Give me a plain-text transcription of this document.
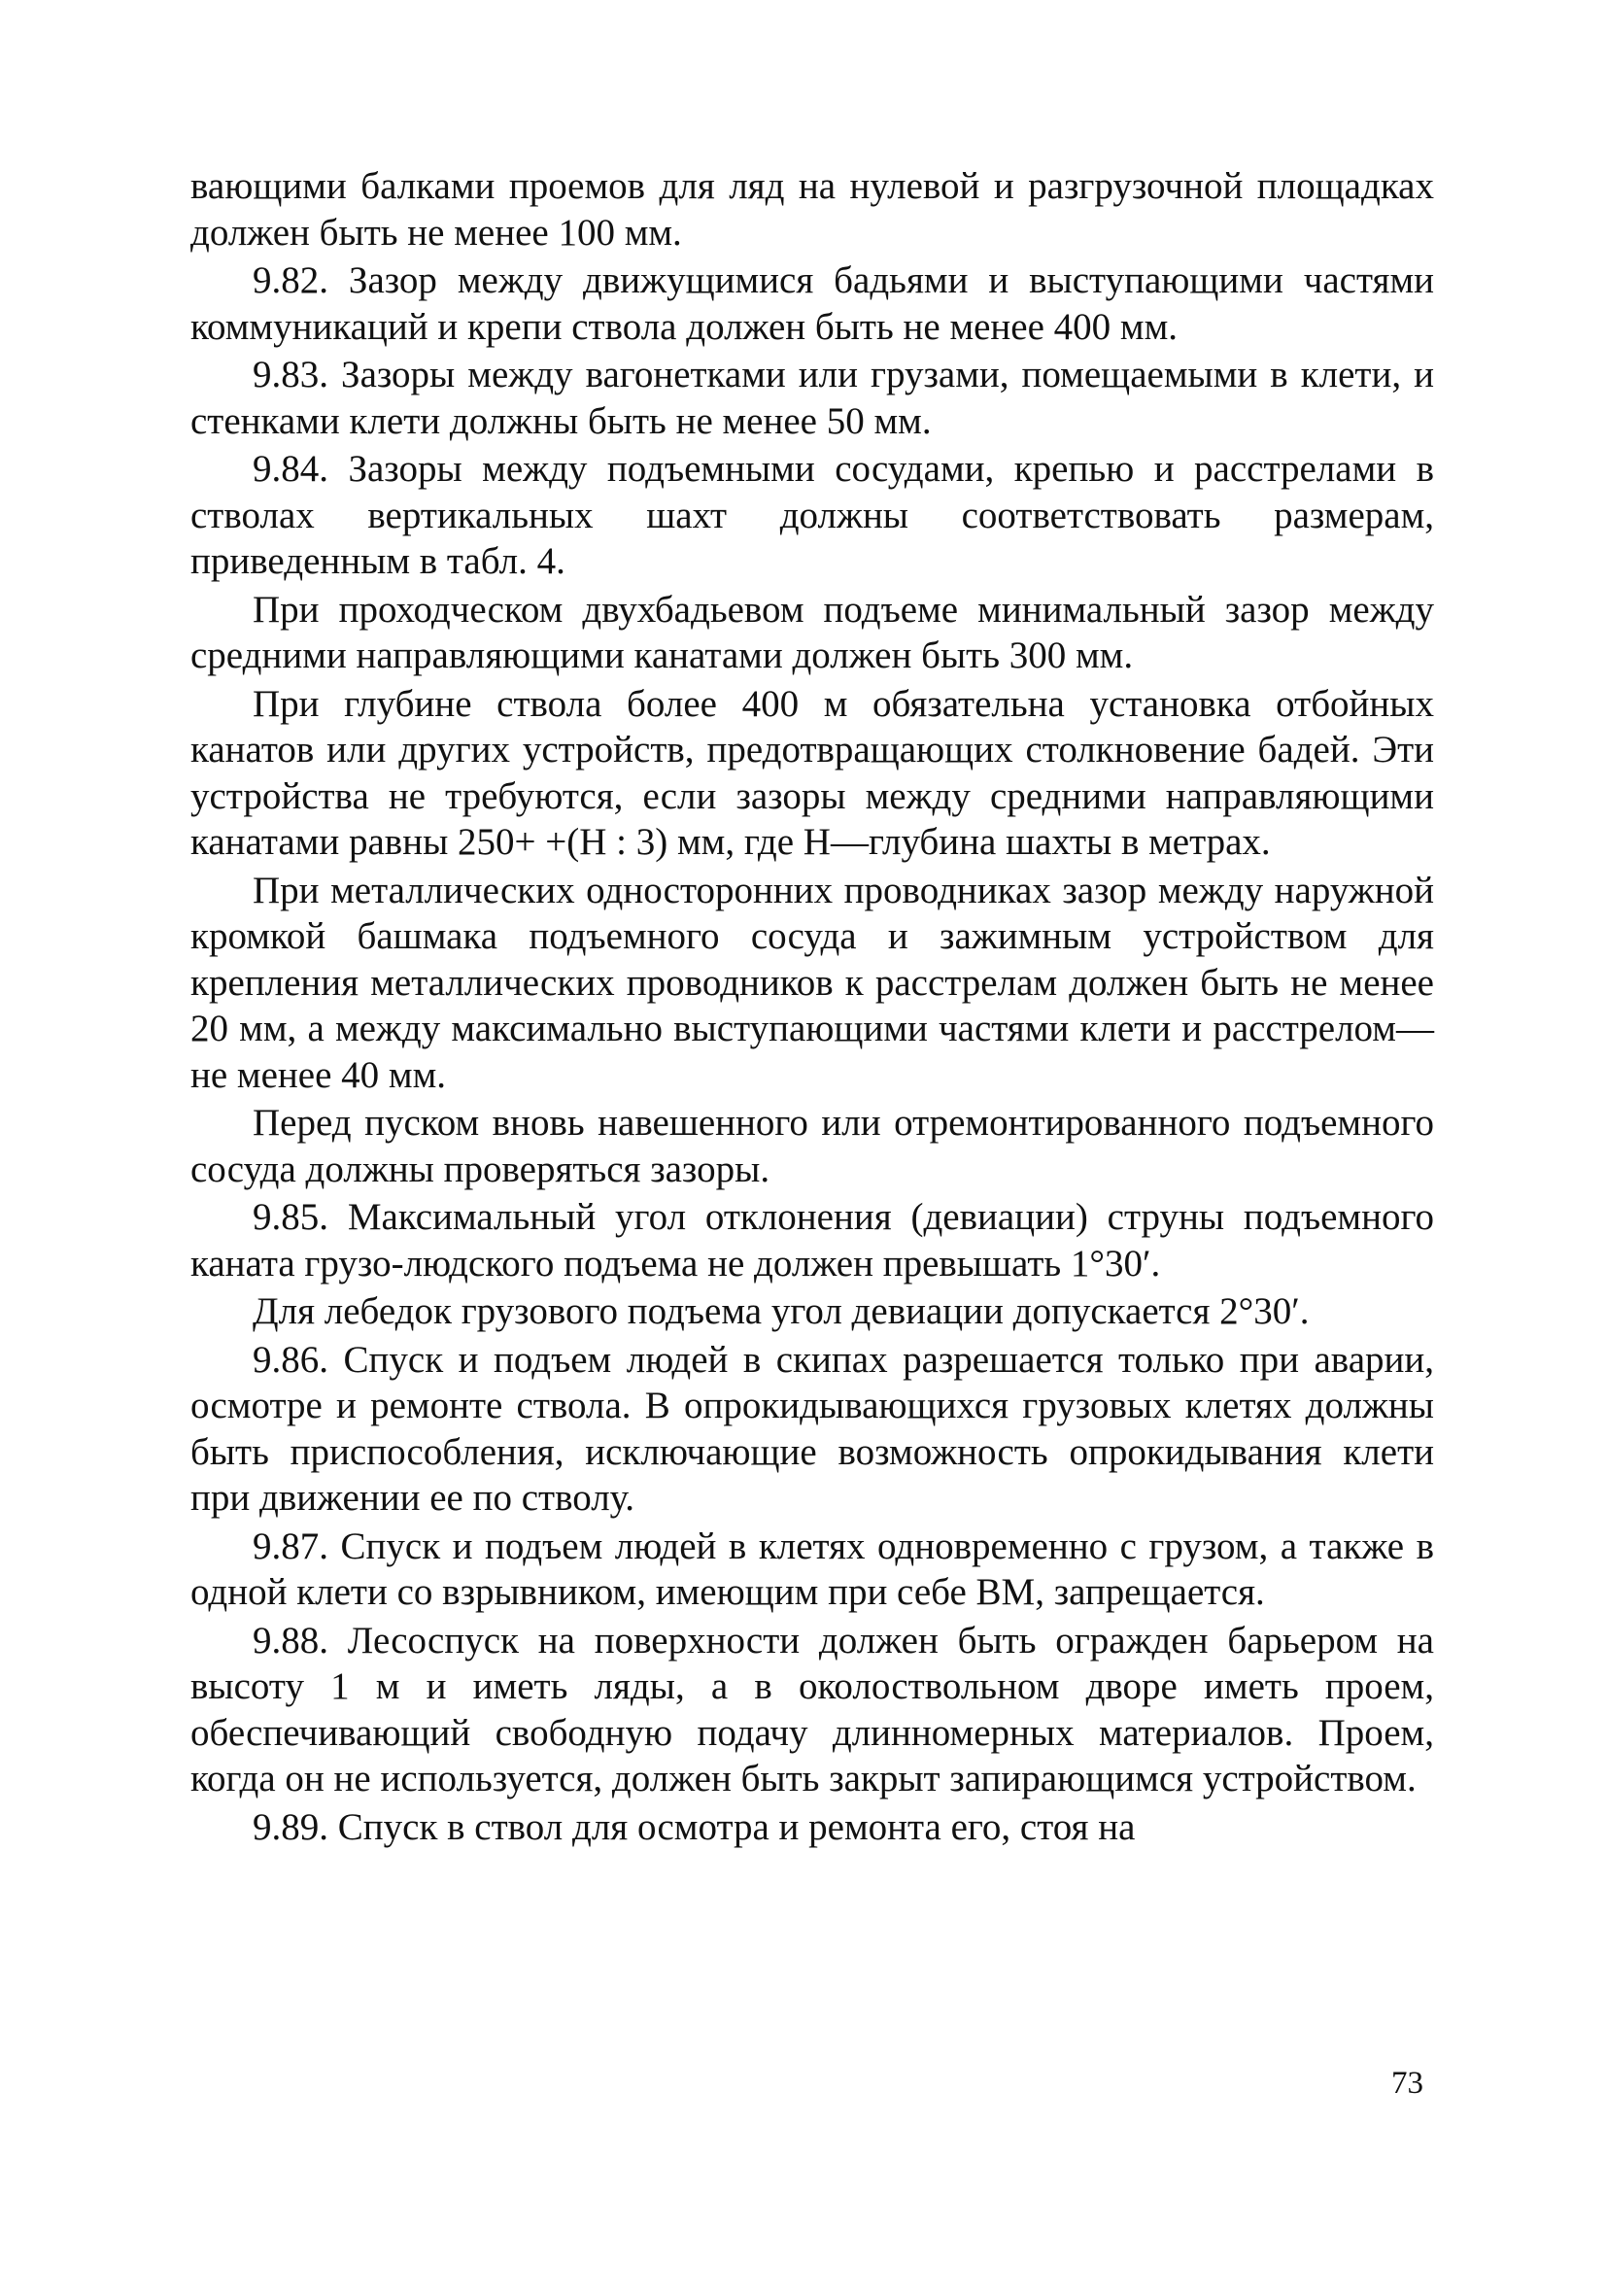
вающими балками проемов для ляд на нулевой и разгрузочной площадках должен быть не менее 100 мм.

9.82. Зазор между движущимися бадьями и выступающими частями коммуникаций и крепи ствола должен быть не менее 400 мм.

9.83. Зазоры между вагонетками или грузами, помещаемыми в клети, и стенками клети должны быть не менее 50 мм.

9.84. Зазоры между подъемными сосудами, крепью и расстрелами в стволах вертикальных шахт должны соответствовать размерам, приведенным в табл. 4.

При проходческом двухбадьевом подъеме минимальный зазор между средними направляющими канатами должен быть 300 мм.

При глубине ствола более 400 м обязательна установка отбойных канатов или других устройств, предотвращающих столкновение бадей. Эти устройства не требуются, если зазоры между средними направляющими канатами равны 250+ +(Н : 3) мм, где Н—глубина шахты в метрах.

При металлических односторонних проводниках зазор между наружной кромкой башмака подъемного сосуда и зажимным устройством для крепления металлических проводников к расстрелам должен быть не менее 20 мм, а между максимально выступающими частями клети и расстрелом—не менее 40 мм.

Перед пуском вновь навешенного или отремонтированного подъемного сосуда должны проверяться зазоры.

9.85. Максимальный угол отклонения (девиации) струны подъемного каната грузо-людского подъема не должен превышать 1°30′.

Для лебедок грузового подъема угол девиации допускается 2°30′.

9.86. Спуск и подъем людей в скипах разрешается только при аварии, осмотре и ремонте ствола. В опрокидывающихся грузовых клетях должны быть приспособления, исключающие возможность опрокидывания клети при движении ее по стволу.

9.87. Спуск и подъем людей в клетях одновременно с грузом, а также в одной клети со взрывником, имеющим при себе ВМ, запрещается.

9.88. Лесоспуск на поверхности должен быть огражден барьером на высоту 1 м и иметь ляды, а в околоствольном дворе иметь проем, обеспечивающий свободную подачу длинномерных материалов. Проем, когда он не используется, должен быть закрыт запирающимся устройством.

9.89. Спуск в ствол для осмотра и ремонта его, стоя на

73
